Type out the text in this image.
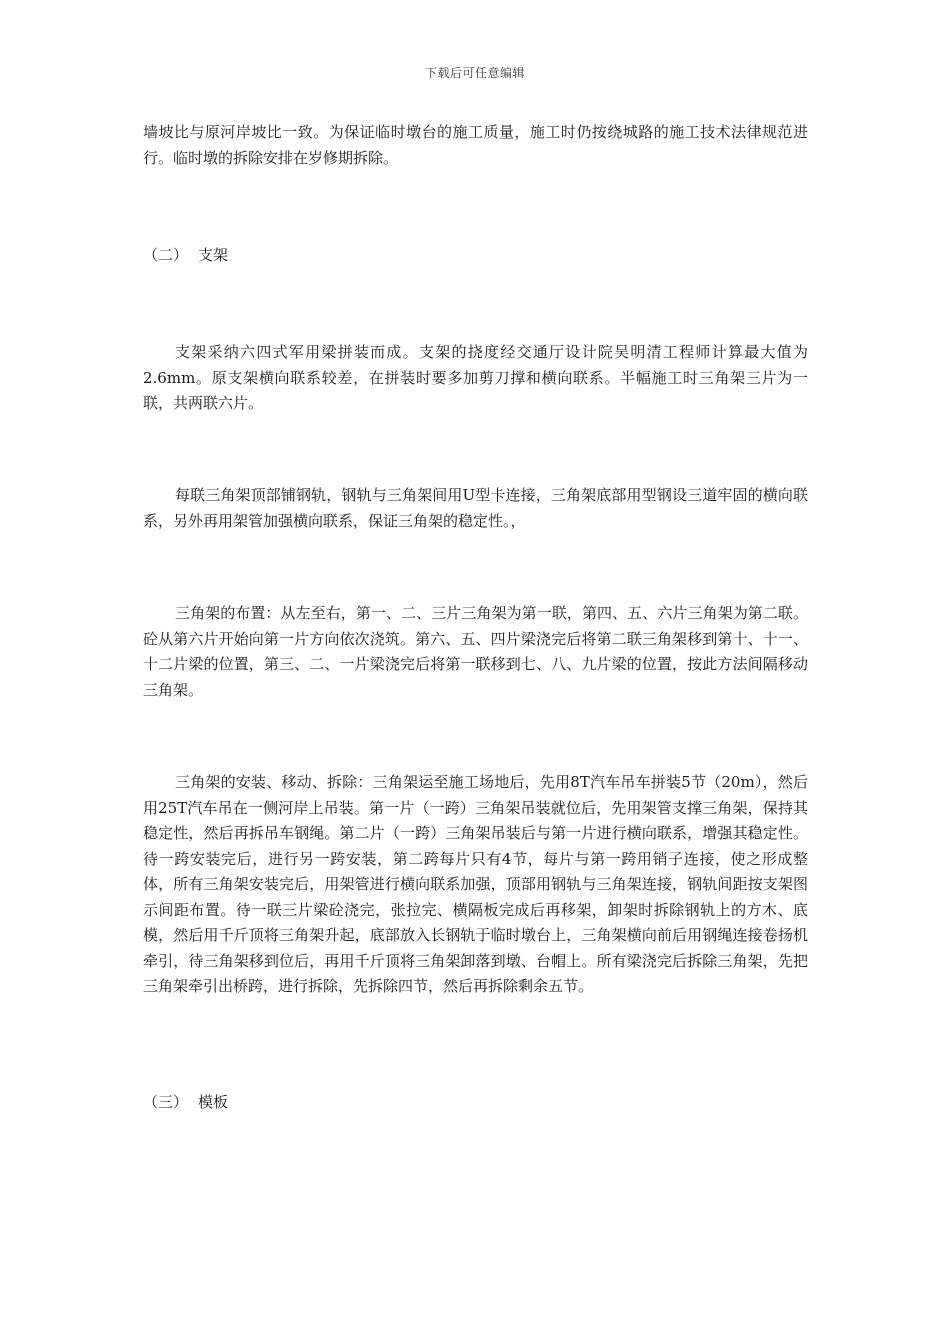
下载后可任意编辑

墙坡比与原河岸坡比一致。为保证临时墩台的施工质量，施工时仍按绕城路的施工技术法律规范进行。临时墩的拆除安排在岁修期拆除。

（二） 支架

支架采纳六四式军用梁拼装而成。支架的挠度经交通厅设计院吴明清工程师计算最大值为2.6mm。原支架横向联系较差，在拼装时要多加剪刀撑和横向联系。半幅施工时三角架三片为一联，共两联六片。

每联三角架顶部铺钢轨，钢轨与三角架间用U型卡连接，三角架底部用型钢设三道牢固的横向联系，另外再用架管加强横向联系，保证三角架的稳定性。，

三角架的布置：从左至右，第一、二、三片三角架为第一联，第四、五、六片三角架为第二联。砼从第六片开始向第一片方向依次浇筑。第六、五、四片梁浇完后将第二联三角架移到第十、十一、十二片梁的位置，第三、二、一片梁浇完后将第一联移到七、八、九片梁的位置，按此方法间隔移动三角架。

三角架的安装、移动、拆除：三角架运至施工场地后，先用8T汽车吊车拼装5节（20m），然后用25T汽车吊在一侧河岸上吊装。第一片（一跨）三角架吊装就位后，先用架管支撑三角架，保持其稳定性，然后再拆吊车钢绳。第二片（一跨）三角架吊装后与第一片进行横向联系，增强其稳定性。待一跨安装完后，进行另一跨安装，第二跨每片只有4节，每片与第一跨用销子连接，使之形成整体，所有三角架安装完后，用架管进行横向联系加强，顶部用钢轨与三角架连接，钢轨间距按支架图示间距布置。待一联三片梁砼浇完，张拉完、横隔板完成后再移架，卸架时拆除钢轨上的方木、底模，然后用千斤顶将三角架升起，底部放入长钢轨于临时墩台上，三角架横向前后用钢绳连接卷扬机牵引，待三角架移到位后，再用千斤顶将三角架卸落到墩、台帽上。所有梁浇完后拆除三角架，先把三角架牵引出桥跨，进行拆除，先拆除四节，然后再拆除剩余五节。

（三） 模板
